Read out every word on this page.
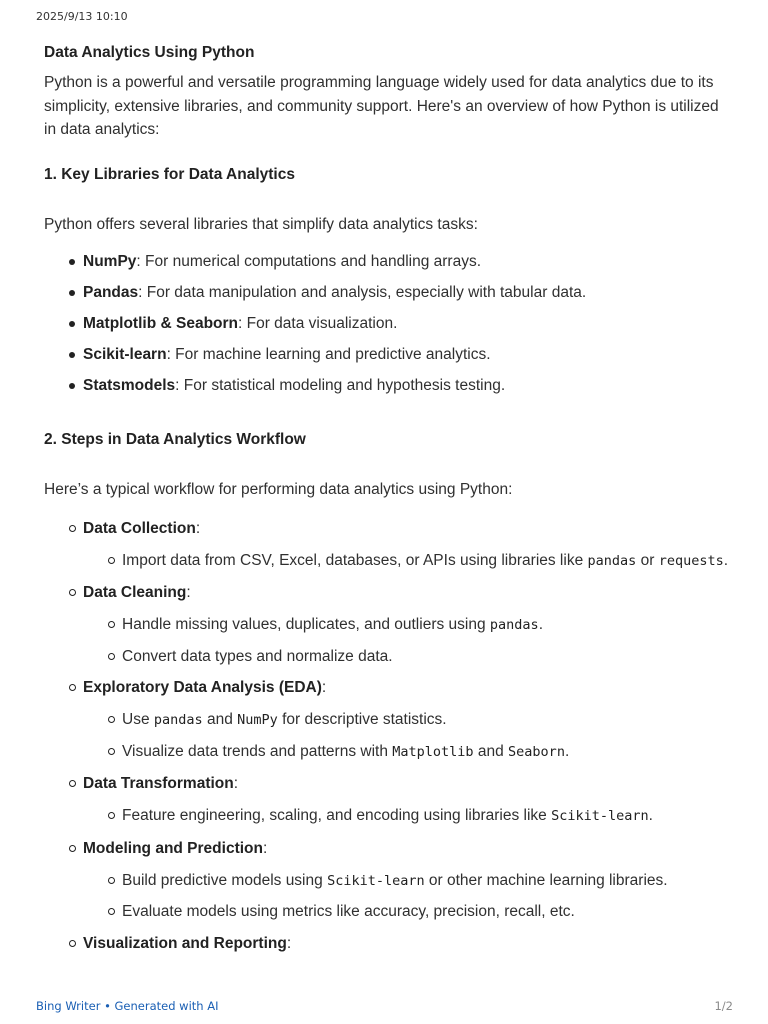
2025/9/13 10:10
Data Analytics Using Python

Python is a powerful and versatile programming language widely used for data analytics due to its simplicity, extensive libraries, and community support. Here's an overview of how Python is utilized in data analytics:

1. Key Libraries for Data Analytics

Python offers several libraries that simplify data analytics tasks:

NumPy: For numerical computations and handling arrays.
Pandas: For data manipulation and analysis, especially with tabular data.
Matplotlib & Seaborn: For data visualization.
Scikit-learn: For machine learning and predictive analytics.
Statsmodels: For statistical modeling and hypothesis testing.
2. Steps in Data Analytics Workflow

Here’s a typical workflow for performing data analytics using Python:

Data Collection:
Import data from CSV, Excel, databases, or APIs using libraries like pandas or requests.
Data Cleaning:
Handle missing values, duplicates, and outliers using pandas.
Convert data types and normalize data.
Exploratory Data Analysis (EDA):
Use pandas and NumPy for descriptive statistics.
Visualize data trends and patterns with Matplotlib and Seaborn.
Data Transformation:
Feature engineering, scaling, and encoding using libraries like Scikit-learn.
Modeling and Prediction:
Build predictive models using Scikit-learn or other machine learning libraries.
Evaluate models using metrics like accuracy, precision, recall, etc.
Visualization and Reporting:
Bing Writer • Generated with AI	1/2
